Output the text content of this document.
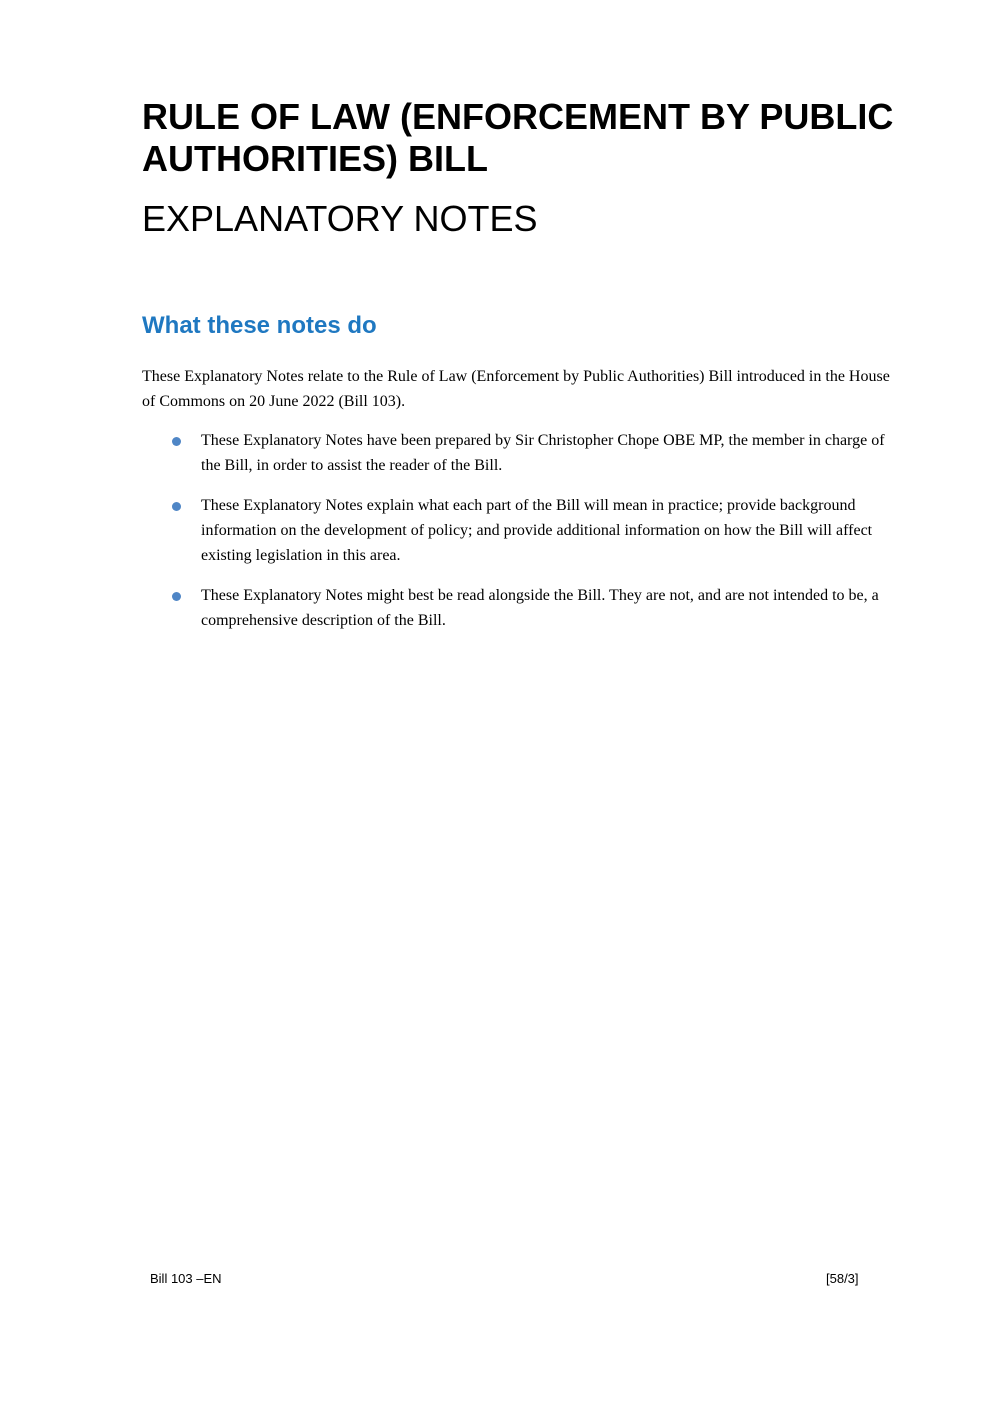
RULE OF LAW (ENFORCEMENT BY PUBLIC AUTHORITIES) BILL
EXPLANATORY NOTES
What these notes do

These Explanatory Notes relate to the Rule of Law (Enforcement by Public Authorities) Bill introduced in the House of Commons on 20 June 2022 (Bill 103).

These Explanatory Notes have been prepared by Sir Christopher Chope OBE MP, the member in charge of the Bill, in order to assist the reader of the Bill.
These Explanatory Notes explain what each part of the Bill will mean in practice; provide background information on the development of policy; and provide additional information on how the Bill will affect existing legislation in this area.
These Explanatory Notes might best be read alongside the Bill. They are not, and are not intended to be, a comprehensive description of the Bill.
Bill 103 –EN	[58/3]
